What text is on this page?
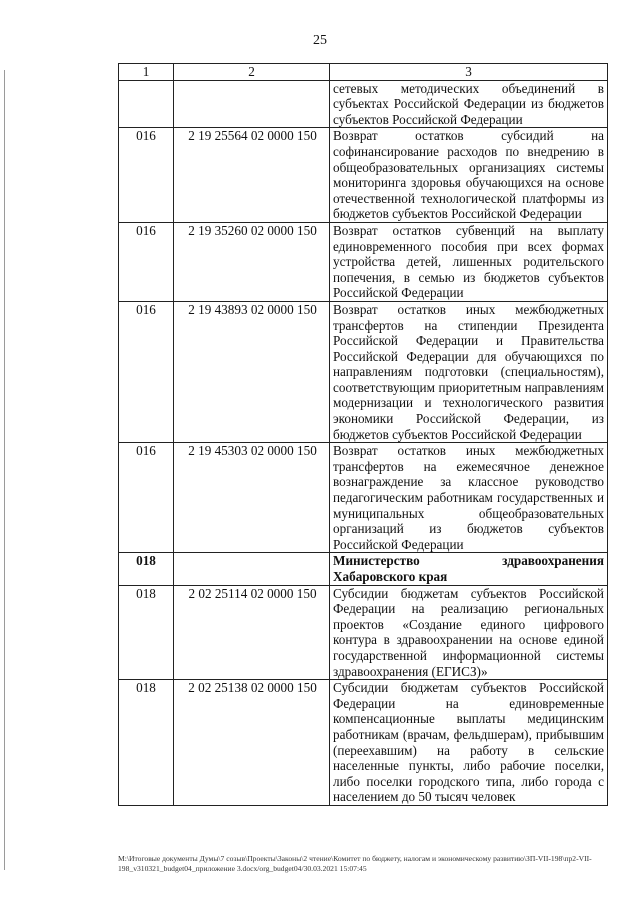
25
1	2	3
		сетевых методических объединений в субъектах Российской Федерации из бюджетов субъектов Российской Федерации
016	2 19 25564 02 0000 150	Возврат остатков субсидий на софинансирование расходов по внедрению в общеобразовательных организациях системы мониторинга здоровья обучающихся на основе отечественной технологической платформы из бюджетов субъектов Российской Федерации
016	2 19 35260 02 0000 150	Возврат остатков субвенций на выплату единовременного пособия при всех формах устройства детей, лишенных родительского попечения, в семью из бюджетов субъектов Российской Федерации
016	2 19 43893 02 0000 150	Возврат остатков иных межбюджетных трансфертов на стипендии Президента Российской Федерации и Правительства Российской Федерации для обучающихся по направлениям подготовки (специальностям), соответствующим приоритетным направлениям модернизации и технологического развития экономики Российской Федерации, из бюджетов субъектов Российской Федерации
016	2 19 45303 02 0000 150	Возврат остатков иных межбюджетных трансфертов на ежемесячное денежное вознаграждение за классное руководство педагогическим работникам государственных и муниципальных общеобразовательных организаций из бюджетов субъектов Российской Федерации
018		Министерство здравоохранения Хабаровского края
018	2 02 25114 02 0000 150	Субсидии бюджетам субъектов Российской Федерации на реализацию региональных проектов «Создание единого цифрового контура в здравоохранении на основе единой государственной информационной системы здравоохранения (ЕГИСЗ)»
018	2 02 25138 02 0000 150	Субсидии бюджетам субъектов Российской Федерации на единовременные компенсационные выплаты медицинским работникам (врачам, фельдшерам), прибывшим (переехавшим) на работу в сельские населенные пункты, либо рабочие поселки, либо поселки городского типа, либо города с населением до 50 тысяч человек
M:\Итоговые документы Думы\7 созыв\Проекты\Законы\2 чтение\Комитет по бюджету, налогам и экономическому развитию\ЗП-VII-198\пр2-VII-198_v310321_budget04_приложение 3.docx/org_budget04/30.03.2021 15:07:45
